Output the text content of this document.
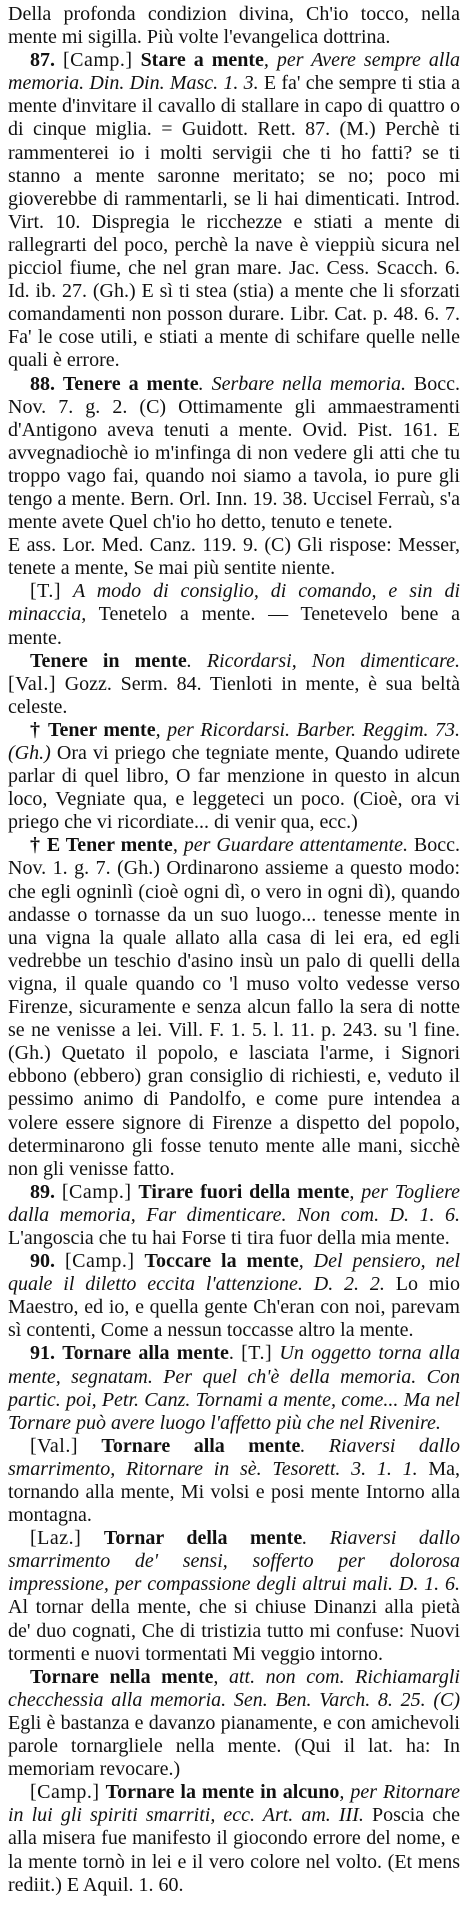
Della profonda condizion divina, Ch'io tocco, nella mente mi sigilla. Più volte l'evangelica dottrina.

87. [Camp.] Stare a mente, per Avere sempre alla memoria. Din. Din. Masc. 1. 3. E fa' che sempre ti stia a mente d'invitare il cavallo di stallare in capo di quattro o di cinque miglia. = Guidott. Rett. 87. (M.) Perchè ti rammenterei io i molti servigii che ti ho fatti? se ti stanno a mente saronne meritato; se no; poco mi gioverebbe di rammentarli, se li hai dimenticati. Introd. Virt. 10. Dispregia le ricchezze e stiati a mente di rallegrarti del poco, perchè la nave è vieppiù sicura nel picciol fiume, che nel gran mare. Jac. Cess. Scacch. 6. Id. ib. 27. (Gh.) E sì ti stea (stia) a mente che li sforzati comandamenti non posson durare. Libr. Cat. p. 48. 6. 7. Fa' le cose utili, e stiati a mente di schifare quelle nelle quali è errore.
88. Tenere a mente. Serbare nella memoria. Bocc. Nov. 7. g. 2. (C) Ottimamente gli ammaestramenti d'Antigono aveva tenuti a mente. Ovid. Pist. 161. E avvegnadiochè io m'infinga di non vedere gli atti che tu troppo vago fai, quando noi siamo a tavola, io pure gli tengo a mente. Bern. Orl. Inn. 19. 38. Uccisel Ferraù, s'a mente avete Quel ch'io ho detto, tenuto e tenete.
E ass. Lor. Med. Canz. 119. 9. (C) Gli rispose: Messer, tenete a mente, Se mai più sentite niente.
[T.] A modo di consiglio, di comando, e sin di minaccia, Tenetelo a mente. — Tenetevelo bene a mente.
Tenere in mente. Ricordarsi, Non dimenticare. [Val.] Gozz. Serm. 84. Tienloti in mente, è sua beltà celeste.
† Tener mente, per Ricordarsi. Barber. Reggim. 73. (Gh.) Ora vi priego che tegniate mente, Quando udirete parlar di quel libro, O far menzione in questo in alcun loco, Vegniate qua, e leggeteci un poco. (Cioè, ora vi priego che vi ricordiate... di venir qua, ecc.)
† E Tener mente, per Guardare attentamente. Bocc. Nov. 1. g. 7. (Gh.) Ordinarono assieme a questo modo: che egli ogninlì (cioè ogni dì, o vero in ogni dì), quando andasse o tornasse da un suo luogo... tenesse mente in una vigna la quale allato alla casa di lei era, ed egli vedrebbe un teschio d'asino insù un palo di quelli della vigna, il quale quando co 'l muso volto vedesse verso Firenze, sicuramente e senza alcun fallo la sera di notte se ne venisse a lei. Vill. F. 1. 5. l. 11. p. 243. su 'l fine. (Gh.) Quetato il popolo, e lasciata l'arme, i Signori ebbono (ebbero) gran consiglio di richiesti, e, veduto il pessimo animo di Pandolfo, e come pure intendea a volere essere signore di Firenze a dispetto del popolo, determinarono gli fosse tenuto mente alle mani, sicchè non gli venisse fatto.
89. [Camp.] Tirare fuori della mente, per Togliere dalla memoria, Far dimenticare. Non com. D. 1. 6. L'angoscia che tu hai Forse ti tira fuor della mia mente.
90. [Camp.] Toccare la mente, Del pensiero, nel quale il diletto eccita l'attenzione. D. 2. 2. Lo mio Maestro, ed io, e quella gente Ch'eran con noi, parevam sì contenti, Come a nessun toccasse altro la mente.
91. Tornare alla mente. [T.] Un oggetto torna alla mente, segnatam. Per quel ch'è della memoria. Con partic. poi, Petr. Canz. Tornami a mente, come... Ma nel Tornare può avere luogo l'affetto più che nel Rivenire.
[Val.] Tornare alla mente. Riaversi dallo smarrimento, Ritornare in sè. Tesorett. 3. 1. 1. Ma, tornando alla mente, Mi volsi e posi mente Intorno alla montagna.
[Laz.] Tornar della mente. Riaversi dallo smarrimento de' sensi, sofferto per dolorosa impressione, per compassione degli altrui mali. D. 1. 6. Al tornar della mente, che si chiuse Dinanzi alla pietà de' duo cognati, Che di tristizia tutto mi confuse: Nuovi tormenti e nuovi tormentati Mi veggio intorno.
Tornare nella mente, att. non com. Richiamargli checchessia alla memoria. Sen. Ben. Varch. 8. 25. (C) Egli è bastanza e davanzo pianamente, e con amichevoli parole tornargliele nella mente. (Qui il lat. ha: In memoriam revocare.)
[Camp.] Tornare la mente in alcuno, per Ritornare in lui gli spiriti smarriti, ecc. Art. am. III. Poscia che alla misera fue manifesto il giocondo errore del nome, e la mente tornò in lei e il vero colore nel volto. (Et mens rediit.) E Aquil. 1. 60.
